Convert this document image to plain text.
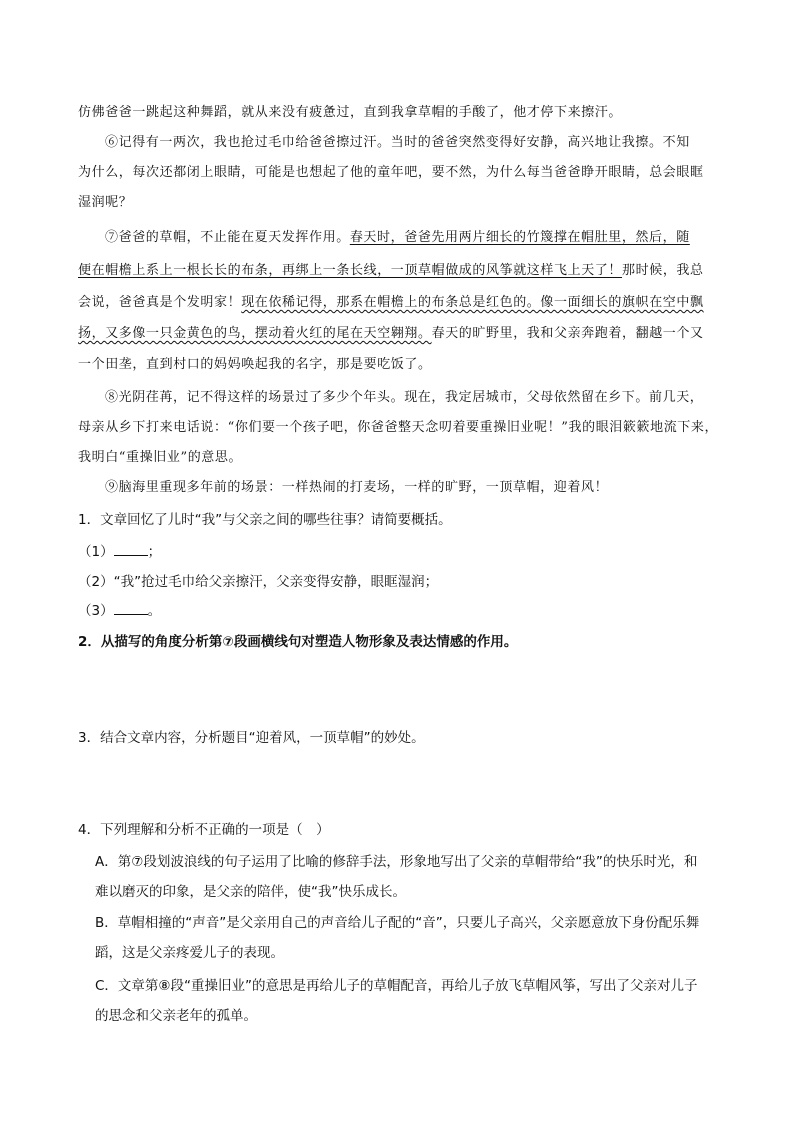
仿佛爸爸一跳起这种舞蹈，就从来没有疲惫过，直到我拿草帽的手酸了，他才停下来擦汗。
⑥记得有一两次，我也抢过毛巾给爸爸擦过汗。当时的爸爸突然变得好安静，高兴地让我擦。不知
为什么，每次还都闭上眼睛，可能是也想起了他的童年吧，要不然，为什么每当爸爸睁开眼睛，总会眼眶
湿润呢？
⑦爸爸的草帽，不止能在夏天发挥作用。春天时，爸爸先用两片细长的竹篾撑在帽肚里，然后，随
便在帽檐上系上一根长长的布条，再绑上一条长线，一顶草帽做成的风筝就这样飞上天了！那时候，我总
会说，爸爸真是个发明家！现在依稀记得，那系在帽檐上的布条总是红色的。像一面细长的旗帜在空中飘
扬，又多像一只金黄色的鸟，摆动着火红的尾在天空翱翔。春天的旷野里，我和父亲奔跑着，翻越一个又
一个田垄，直到村口的妈妈唤起我的名字，那是要吃饭了。
⑧光阴荏苒，记不得这样的场景过了多少个年头。现在，我定居城市，父母依然留在乡下。前几天，
母亲从乡下打来电话说：“你们要一个孩子吧，你爸爸整天念叨着要重操旧业呢！”我的眼泪簌簌地流下来，
我明白“重操旧业”的意思。
⑨脑海里重现多年前的场景：一样热闹的打麦场，一样的旷野，一顶草帽，迎着风！
1．文章回忆了儿时“我”与父亲之间的哪些往事？请简要概括。
（1）	；
（2）“我”抢过毛巾给父亲擦汗，父亲变得安静，眼眶湿润；
（3）	。
2．从描写的角度分析第⑦段画横线句对塑造人物形象及表达情感的作用。
3．结合文章内容，分析题目“迎着风，一顶草帽”的妙处。
4．下列理解和分析不正确的一项是（　）
A．第⑦段划波浪线的句子运用了比喻的修辞手法，形象地写出了父亲的草帽带给“我”的快乐时光，和
难以磨灭的印象，是父亲的陪伴，使“我”快乐成长。
B．草帽相撞的“声音”是父亲用自己的声音给儿子配的“音”，只要儿子高兴，父亲愿意放下身份配乐舞
蹈，这是父亲疼爱儿子的表现。
C．文章第⑧段“重操旧业”的意思是再给儿子的草帽配音，再给儿子放飞草帽风筝，写出了父亲对儿子
的思念和父亲老年的孤单。
